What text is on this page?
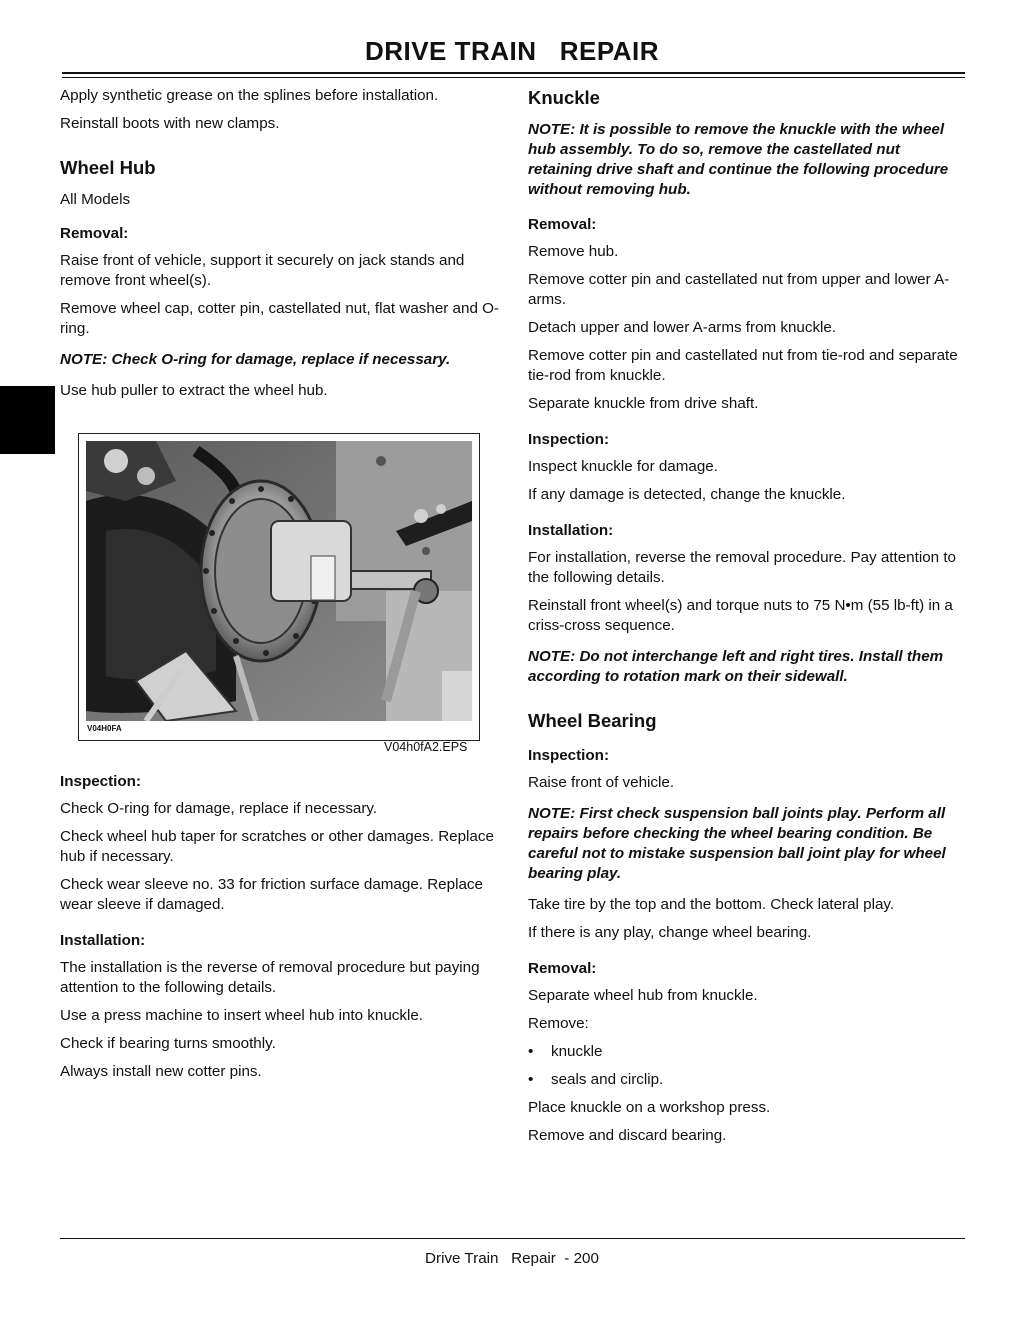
DRIVE TRAIN   REPAIR

Apply synthetic grease on the splines before installation.

Reinstall boots with new clamps.

Wheel Hub

All Models

Removal:

Raise front of vehicle, support it securely on jack stands and remove front wheel(s).

Remove wheel cap, cotter pin, castellated nut, flat washer and O-ring.

NOTE: Check O-ring for damage, replace if necessary.

Use hub puller to extract the wheel hub.

V04H0FA
V04h0fA2.EPS
Inspection:

Check O-ring for damage, replace if necessary.

Check wheel hub taper for scratches or other damages. Replace hub if necessary.

Check wear sleeve no. 33 for friction surface damage. Replace wear sleeve if damaged.

Installation:

The installation is the reverse of removal procedure but paying attention to the following details.

Use a press machine to insert wheel hub into knuckle.

Check if bearing turns smoothly.

Always install new cotter pins.

Knuckle

NOTE: It is possible to remove the knuckle with the wheel hub assembly. To do so, remove the castellated nut retaining drive shaft and continue the following procedure without removing hub.

Removal:

Remove hub.

Remove cotter pin and castellated nut from upper and lower A-arms.

Detach upper and lower A-arms from knuckle.

Remove cotter pin and castellated nut from tie-rod and separate tie-rod from knuckle.

Separate knuckle from drive shaft.

Inspection:

Inspect knuckle for damage.

If any damage is detected, change the knuckle.

Installation:

For installation, reverse the removal procedure. Pay attention to the following details.

Reinstall front wheel(s) and torque nuts to 75 N•m (55 lb-ft) in a criss-cross sequence.

NOTE: Do not interchange left and right tires. Install them according to rotation mark on their sidewall.

Wheel Bearing
Inspection:

Raise front of vehicle.

NOTE: First check suspension ball joints play. Perform all repairs before checking the wheel bearing condition. Be careful not to mistake suspension ball joint play for wheel bearing play.

Take tire by the top and the bottom. Check lateral play.

If there is any play, change wheel bearing.

Removal:

Separate wheel hub from knuckle.

Remove:

• knuckle

• seals and circlip.

Place knuckle on a workshop press.

Remove and discard bearing.

Drive Train   Repair  - 200
